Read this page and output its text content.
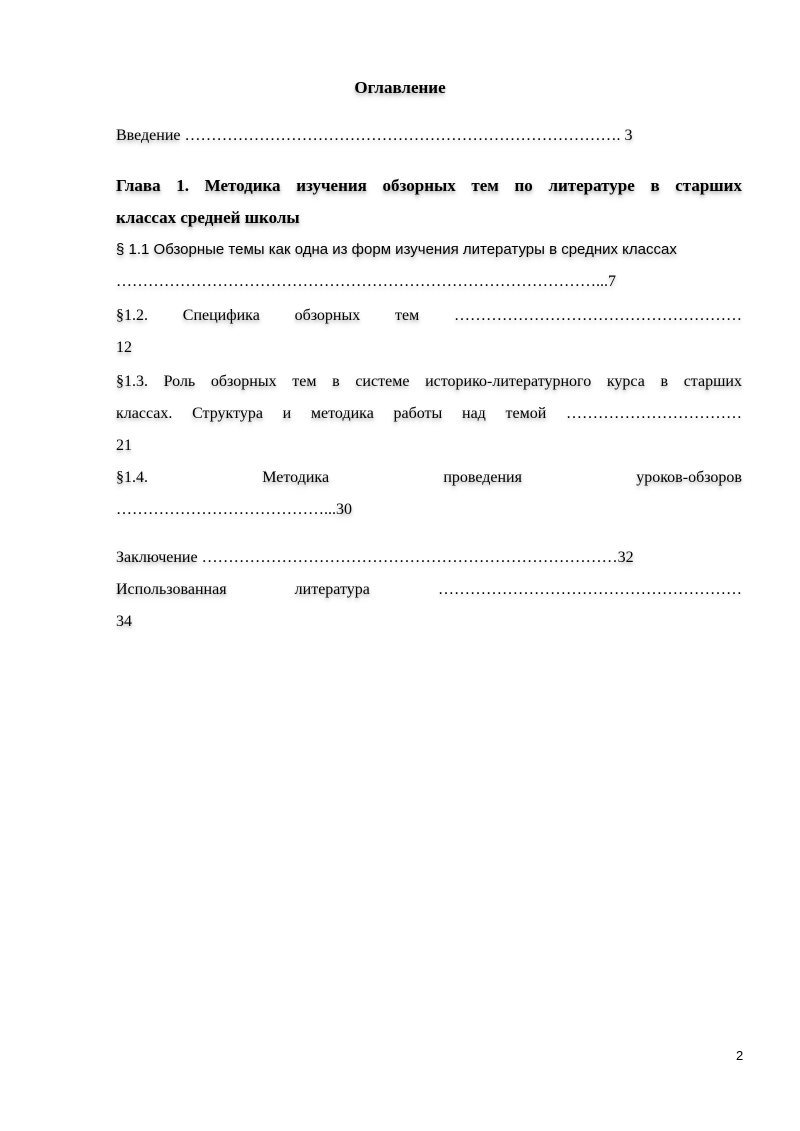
Оглавление
Введение ………………………………………………………………………. 3
Глава 1. Методика изучения обзорных тем по литературе в старших
классах средней школы
§ 1.1 Обзорные темы как одна из форм изучения литературы в средних классах
………………………………………………………………………………...7
§1.2. Специфика обзорных тем ………………………………………………
12
§1.3. Роль обзорных тем в системе историко-литературного курса в старших
классах. Структура и методика работы над темой ……………………………
21
§1.4.	Методика	проведения	уроков-обзоров
…………………………………...30
Заключение ……………………………………………………………………32
Использованная	литература	…………………………………………………
34
2
